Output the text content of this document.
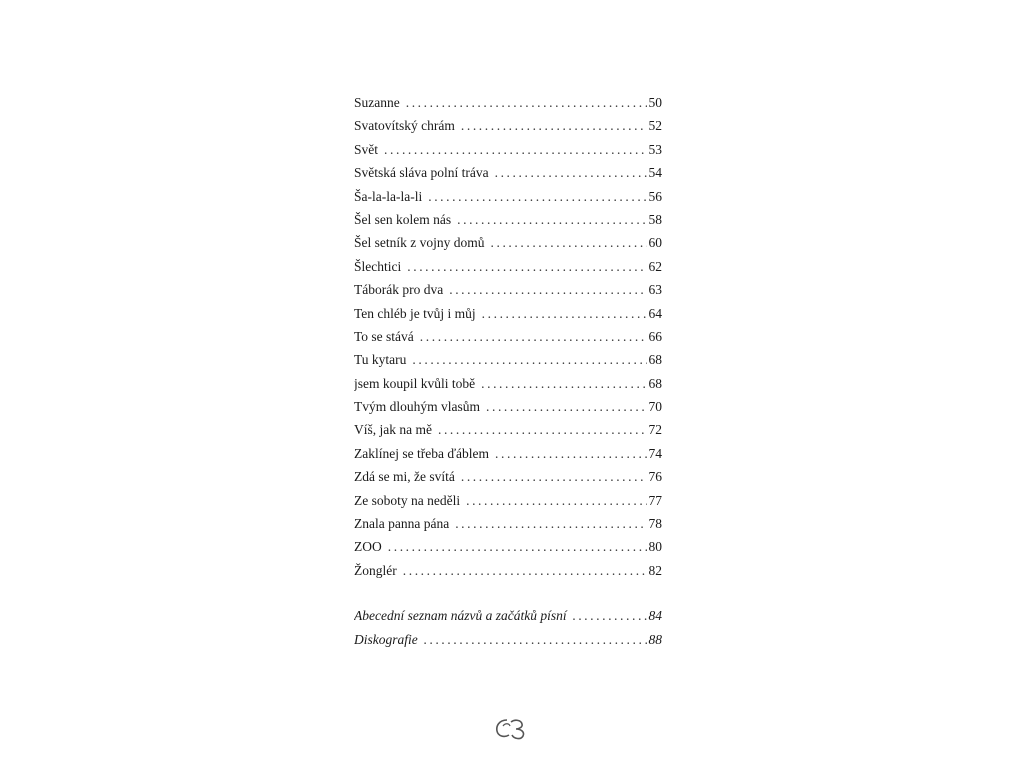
Suzanne .....	50
Svatovítský chrám .....	52
Svět .....	53
Světská sláva polní tráva .....	54
Ša-la-la-la-li .....	56
Šel sen kolem nás .....	58
Šel setník z vojny domů .....	60
Šlechtici .....	62
Táborák pro dva .....	63
Ten chléb je tvůj i můj .....	64
To se stává .....	66
Tu kytaru .....	68
jsem koupil kvůli tobě .....	68
Tvým dlouhým vlasům .....	70
Víš, jak na mě .....	72
Zaklínej se třeba ďáblem .....	74
Zdá se mi, že svítá .....	76
Ze soboty na neděli .....	77
Znala panna pána .....	78
ZOO .....	80
Žonglér .....	82
Abecední seznam názvů a začátků písní .....	84
Diskografie .....	88
